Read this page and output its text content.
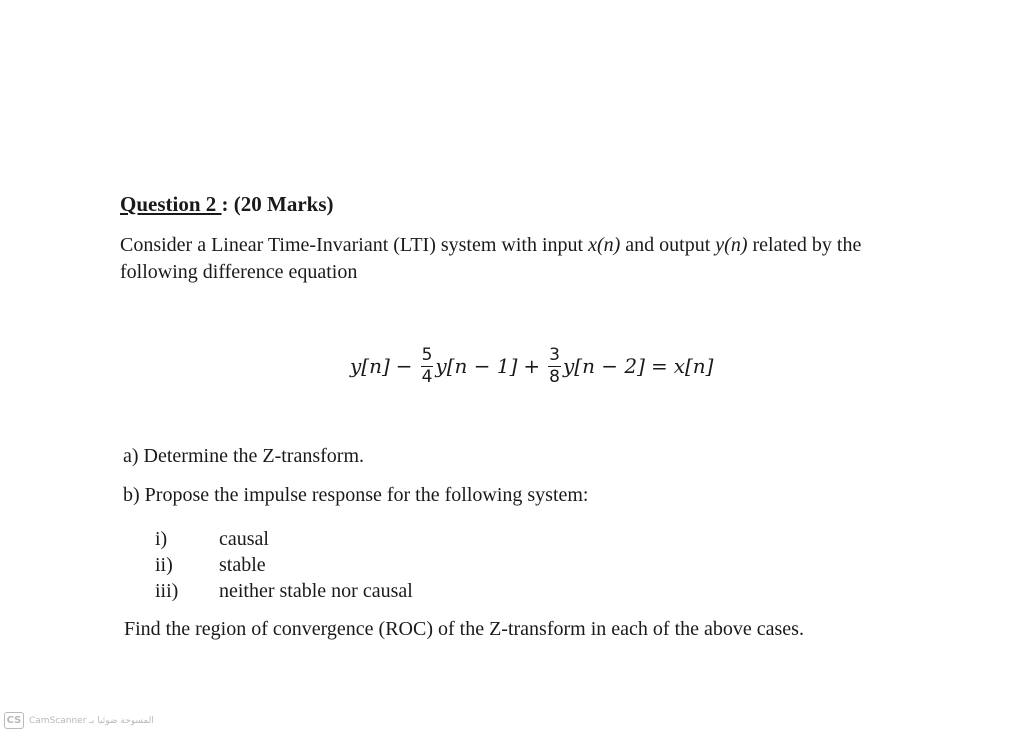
Question 2 : (20 Marks)
Consider a Linear Time-Invariant (LTI) system with input x(n) and output y(n) related by the following difference equation
$y[n] - \frac{5}{4} y[n - 1] + \frac{3}{8} y[n - 2] = x[n]$
a) Determine the Z-transform.
b) Propose the impulse response for the following system:
i)	causal
ii)	stable
iii)	neither stable nor causal
Find the region of convergence (ROC) of the Z-transform in each of the above cases.
CS CamScanner ﺍﻟﻤﺴﻮﺣﺔ ﺿﻮﺋﻴﺎ ﺑـ
